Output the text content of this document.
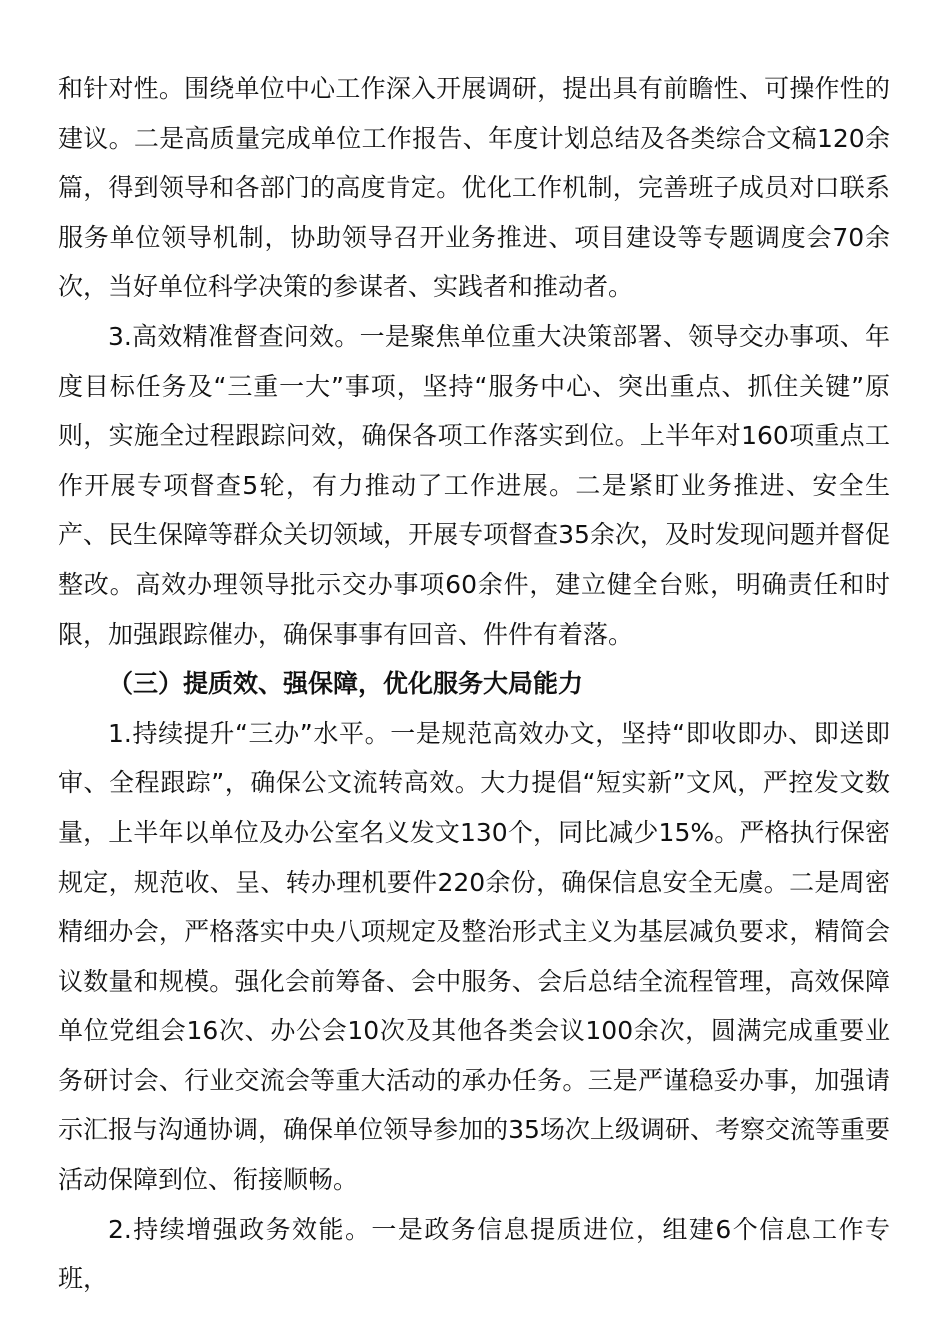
和针对性。围绕单位中心工作深入开展调研，提出具有前瞻性、可操作性的建议。二是高质量完成单位工作报告、年度计划总结及各类综合文稿120余篇，得到领导和各部门的高度肯定。优化工作机制，完善班子成员对口联系服务单位领导机制，协助领导召开业务推进、项目建设等专题调度会70余次，当好单位科学决策的参谋者、实践者和推动者。

3.高效精准督查问效。一是聚焦单位重大决策部署、领导交办事项、年度目标任务及“三重一大”事项，坚持“服务中心、突出重点、抓住关键”原则，实施全过程跟踪问效，确保各项工作落实到位。上半年对160项重点工作开展专项督查5轮，有力推动了工作进展。二是紧盯业务推进、安全生产、民生保障等群众关切领域，开展专项督查35余次，及时发现问题并督促整改。高效办理领导批示交办事项60余件，建立健全台账，明确责任和时限，加强跟踪催办，确保事事有回音、件件有着落。

（三）提质效、强保障，优化服务大局能力

1.持续提升“三办”水平。一是规范高效办文，坚持“即收即办、即送即审、全程跟踪”，确保公文流转高效。大力提倡“短实新”文风，严控发文数量，上半年以单位及办公室名义发文130个，同比减少15%。严格执行保密规定，规范收、呈、转办理机要件220余份，确保信息安全无虞。二是周密精细办会，严格落实中央八项规定及整治形式主义为基层减负要求，精简会议数量和规模。强化会前筹备、会中服务、会后总结全流程管理，高效保障单位党组会16次、办公会10次及其他各类会议100余次，圆满完成重要业务研讨会、行业交流会等重大活动的承办任务。三是严谨稳妥办事，加强请示汇报与沟通协调，确保单位领导参加的35场次上级调研、考察交流等重要活动保障到位、衔接顺畅。

2.持续增强政务效能。一是政务信息提质进位，组建6个信息工作专班，
